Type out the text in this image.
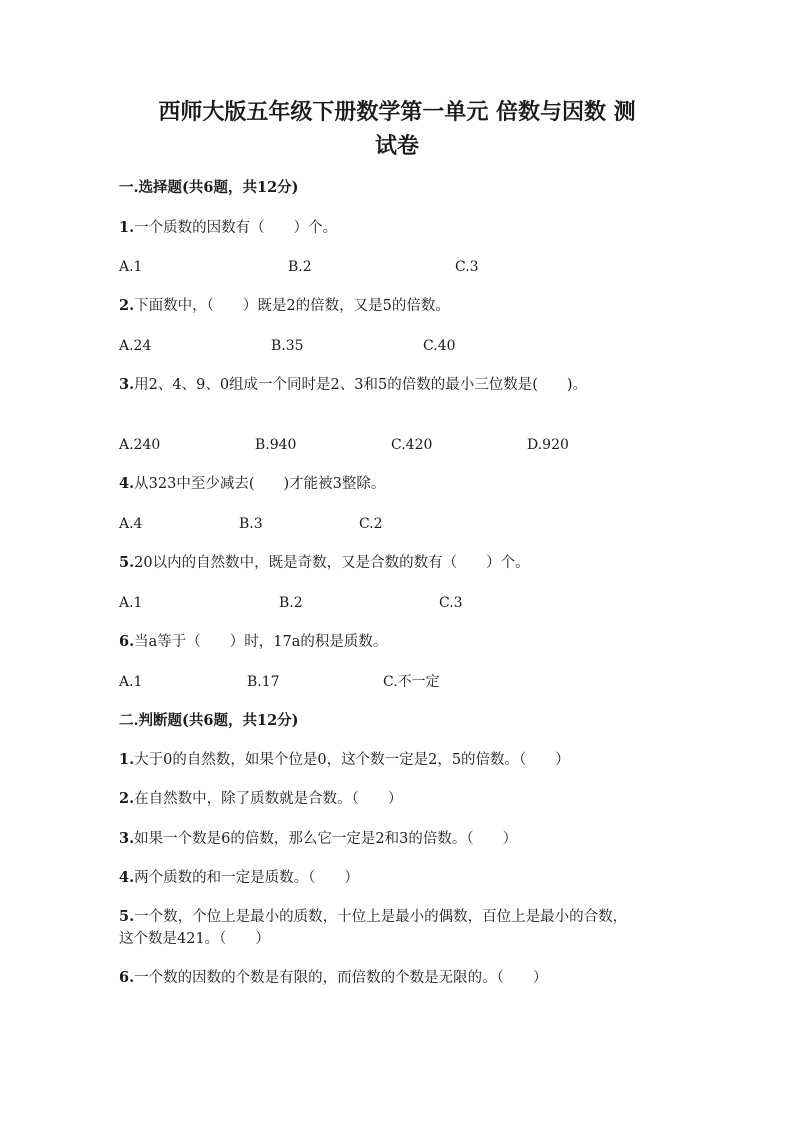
西师大版五年级下册数学第一单元 倍数与因数 测
试卷
一.选择题(共6题，共12分)
1.一个质数的因数有（　　）个。
A.1	B.2	C.3
2.下面数中，（　　）既是2的倍数，又是5的倍数。
A.24	B.35	C.40
3.用2、4、9、0组成一个同时是2、3和5的倍数的最小三位数是(　　)。
A.240	B.940	C.420	D.920
4.从323中至少减去(　　)才能被3整除。
A.4	B.3	C.2
5.20以内的自然数中，既是奇数，又是合数的数有（　　）个。
A.1	B.2	C.3
6.当a等于（　　）时，17a的积是质数。
A.1	B.17	C.不一定
二.判断题(共6题，共12分)
1.大于0的自然数，如果个位是0，这个数一定是2，5的倍数。（　　）
2.在自然数中，除了质数就是合数。（　　）
3.如果一个数是6的倍数，那么它一定是2和3的倍数。（　　）
4.两个质数的和一定是质数。（　　）
5.一个数，个位上是最小的质数，十位上是最小的偶数，百位上是最小的合数，
这个数是421。（　　）
6.一个数的因数的个数是有限的，而倍数的个数是无限的。（　　）
